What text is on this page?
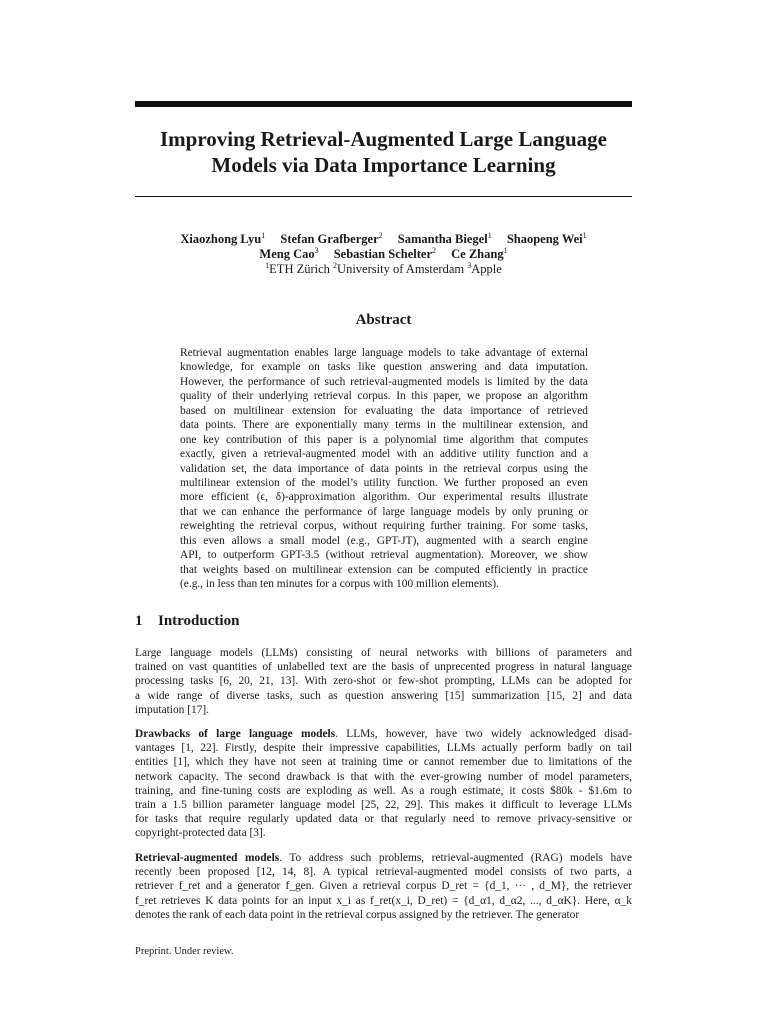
Improving Retrieval-Augmented Large Language
Models via Data Importance Learning
Xiaozhong Lyu$^1$ Stefan Grafberger$^2$ Samantha Biegel$^1$ Shaopeng Wei$^1$
Meng Cao$^3$ Sebastian Schelter$^2$ Ce Zhang$^1$
$^1$ETH Zürich $^2$University of Amsterdam $^3$Apple
Abstract
Retrieval augmentation enables large language models to take advantage of external
knowledge, for example on tasks like question answering and data imputation.
However, the performance of such retrieval-augmented models is limited by the data
quality of their underlying retrieval corpus. In this paper, we propose an algorithm
based on multilinear extension for evaluating the data importance of retrieved
data points. There are exponentially many terms in the multilinear extension, and
one key contribution of this paper is a polynomial time algorithm that computes
exactly, given a retrieval-augmented model with an additive utility function and a
validation set, the data importance of data points in the retrieval corpus using the
multilinear extension of the model’s utility function. We further proposed an even
more efficient (ϵ, δ)-approximation algorithm. Our experimental results illustrate
that we can enhance the performance of large language models by only pruning or
reweighting the retrieval corpus, without requiring further training. For some tasks,
this even allows a small model (e.g., GPT-JT), augmented with a search engine
API, to outperform GPT-3.5 (without retrieval augmentation). Moreover, we show
that weights based on multilinear extension can be computed efficiently in practice
(e.g., in less than ten minutes for a corpus with 100 million elements).
1 Introduction
Large language models (LLMs) consisting of neural networks with billions of parameters and
trained on vast quantities of unlabelled text are the basis of unprecented progress in natural language
processing tasks [6, 20, 21, 13]. With zero-shot or few-shot prompting, LLMs can be adopted for
a wide range of diverse tasks, such as question answering [15] summarization [15, 2] and data
imputation [17].
Drawbacks of large language models. LLMs, however, have two widely acknowledged disad-
vantages [1, 22]. Firstly, despite their impressive capabilities, LLMs actually perform badly on tail
entities [1], which they have not seen at training time or cannot remember due to limitations of the
network capacity. The second drawback is that with the ever-growing number of model parameters,
training, and fine-tuning costs are exploding as well. As a rough estimate, it costs $80k - $1.6m to
train a 1.5 billion parameter language model [25, 22, 29]. This makes it difficult to leverage LLMs
for tasks that require regularly updated data or that regularly need to remove privacy-sensitive or
copyright-protected data [3].
Retrieval-augmented models. To address such problems, retrieval-augmented (RAG) models have
recently been proposed [12, 14, 8]. A typical retrieval-augmented model consists of two parts, a
retriever f_ret and a generator f_gen. Given a retrieval corpus D_ret = {d_1, ··· , d_M}, the retriever
f_ret retrieves K data points for an input x_i as f_ret(x_i, D_ret) = {d_α1, d_α2, ..., d_αK}. Here, α_k
denotes the rank of each data point in the retrieval corpus assigned by the retriever. The generator
Preprint. Under review.
